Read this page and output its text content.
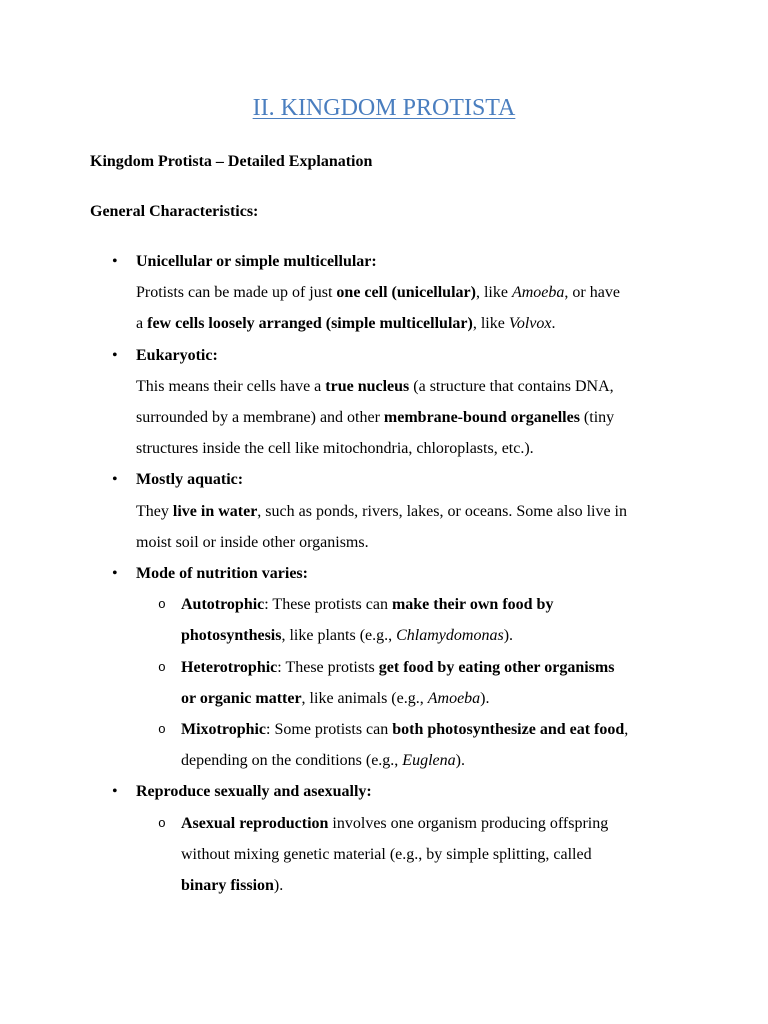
II. KINGDOM PROTISTA

Kingdom Protista – Detailed Explanation

General Characteristics:

• Unicellular or simple multicellular:
Protists can be made up of just one cell (unicellular), like Amoeba, or have
a few cells loosely arranged (simple multicellular), like Volvox.
• Eukaryotic:
This means their cells have a true nucleus (a structure that contains DNA,
surrounded by a membrane) and other membrane-bound organelles (tiny
structures inside the cell like mitochondria, chloroplasts, etc.).
• Mostly aquatic:
They live in water, such as ponds, rivers, lakes, or oceans. Some also live in
moist soil or inside other organisms.
• Mode of nutrition varies:
o Autotrophic: These protists can make their own food by
photosynthesis, like plants (e.g., Chlamydomonas).
o Heterotrophic: These protists get food by eating other organisms
or organic matter, like animals (e.g., Amoeba).
o Mixotrophic: Some protists can both photosynthesize and eat food,
depending on the conditions (e.g., Euglena).
• Reproduce sexually and asexually:
o Asexual reproduction involves one organism producing offspring
without mixing genetic material (e.g., by simple splitting, called
binary fission).
